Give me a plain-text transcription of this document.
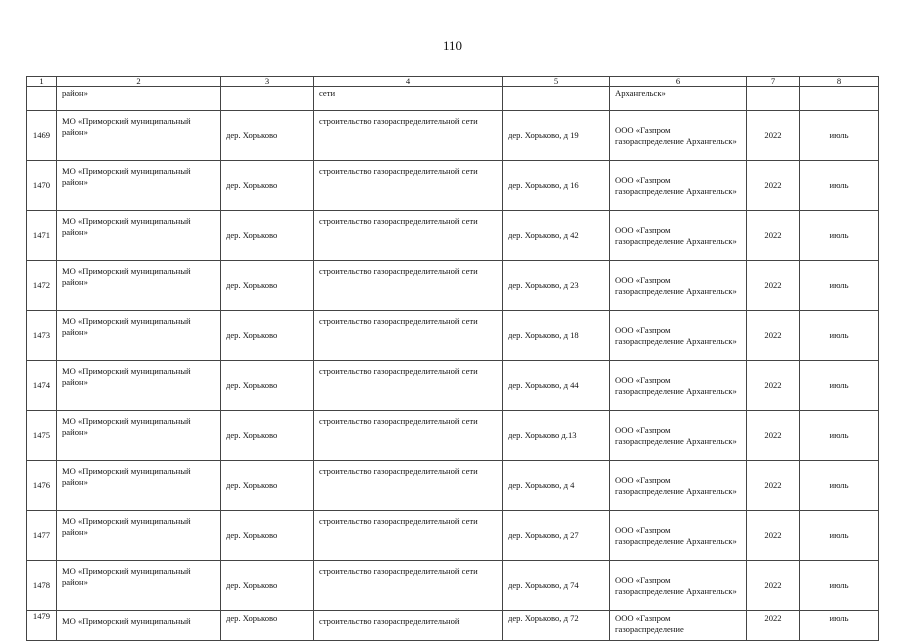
110
1	2	3	4	5	6	7	8
	район»		сети		Архангельск»		
1469	МО «Приморский муниципальный район»	дер. Хорьково	строительство газораспределительной сети	дер. Хорьково, д 19	ООО «Газпром газораспределение Архангельск»	2022	июль
1470	МО «Приморский муниципальный район»	дер. Хорьково	строительство газораспределительной сети	дер. Хорьково, д 16	ООО «Газпром газораспределение Архангельск»	2022	июль
1471	МО «Приморский муниципальный район»	дер. Хорьково	строительство газораспределительной сети	дер. Хорьково, д 42	ООО «Газпром газораспределение Архангельск»	2022	июль
1472	МО «Приморский муниципальный район»	дер. Хорьково	строительство газораспределительной сети	дер. Хорьково, д 23	ООО «Газпром газораспределение Архангельск»	2022	июль
1473	МО «Приморский муниципальный район»	дер. Хорьково	строительство газораспределительной сети	дер. Хорьково, д 18	ООО «Газпром газораспределение Архангельск»	2022	июль
1474	МО «Приморский муниципальный район»	дер. Хорьково	строительство газораспределительной сети	дер. Хорьково, д 44	ООО «Газпром газораспределение Архангельск»	2022	июль
1475	МО «Приморский муниципальный район»	дер. Хорьково	строительство газораспределительной сети	дер. Хорьково д.13	ООО «Газпром газораспределение Архангельск»	2022	июль
1476	МО «Приморский муниципальный район»	дер. Хорьково	строительство газораспределительной сети	дер. Хорьково, д 4	ООО «Газпром газораспределение Архангельск»	2022	июль
1477	МО «Приморский муниципальный район»	дер. Хорьково	строительство газораспределительной сети	дер. Хорьково, д 27	ООО «Газпром газораспределение Архангельск»	2022	июль
1478	МО «Приморский муниципальный район»	дер. Хорьково	строительство газораспределительной сети	дер. Хорьково, д 74	ООО «Газпром газораспределение Архангельск»	2022	июль
1479	МО «Приморский муниципальный	дер. Хорьково	строительство газораспределительной	дер. Хорьково, д 72	ООО «Газпром газораспределение	2022	июль
